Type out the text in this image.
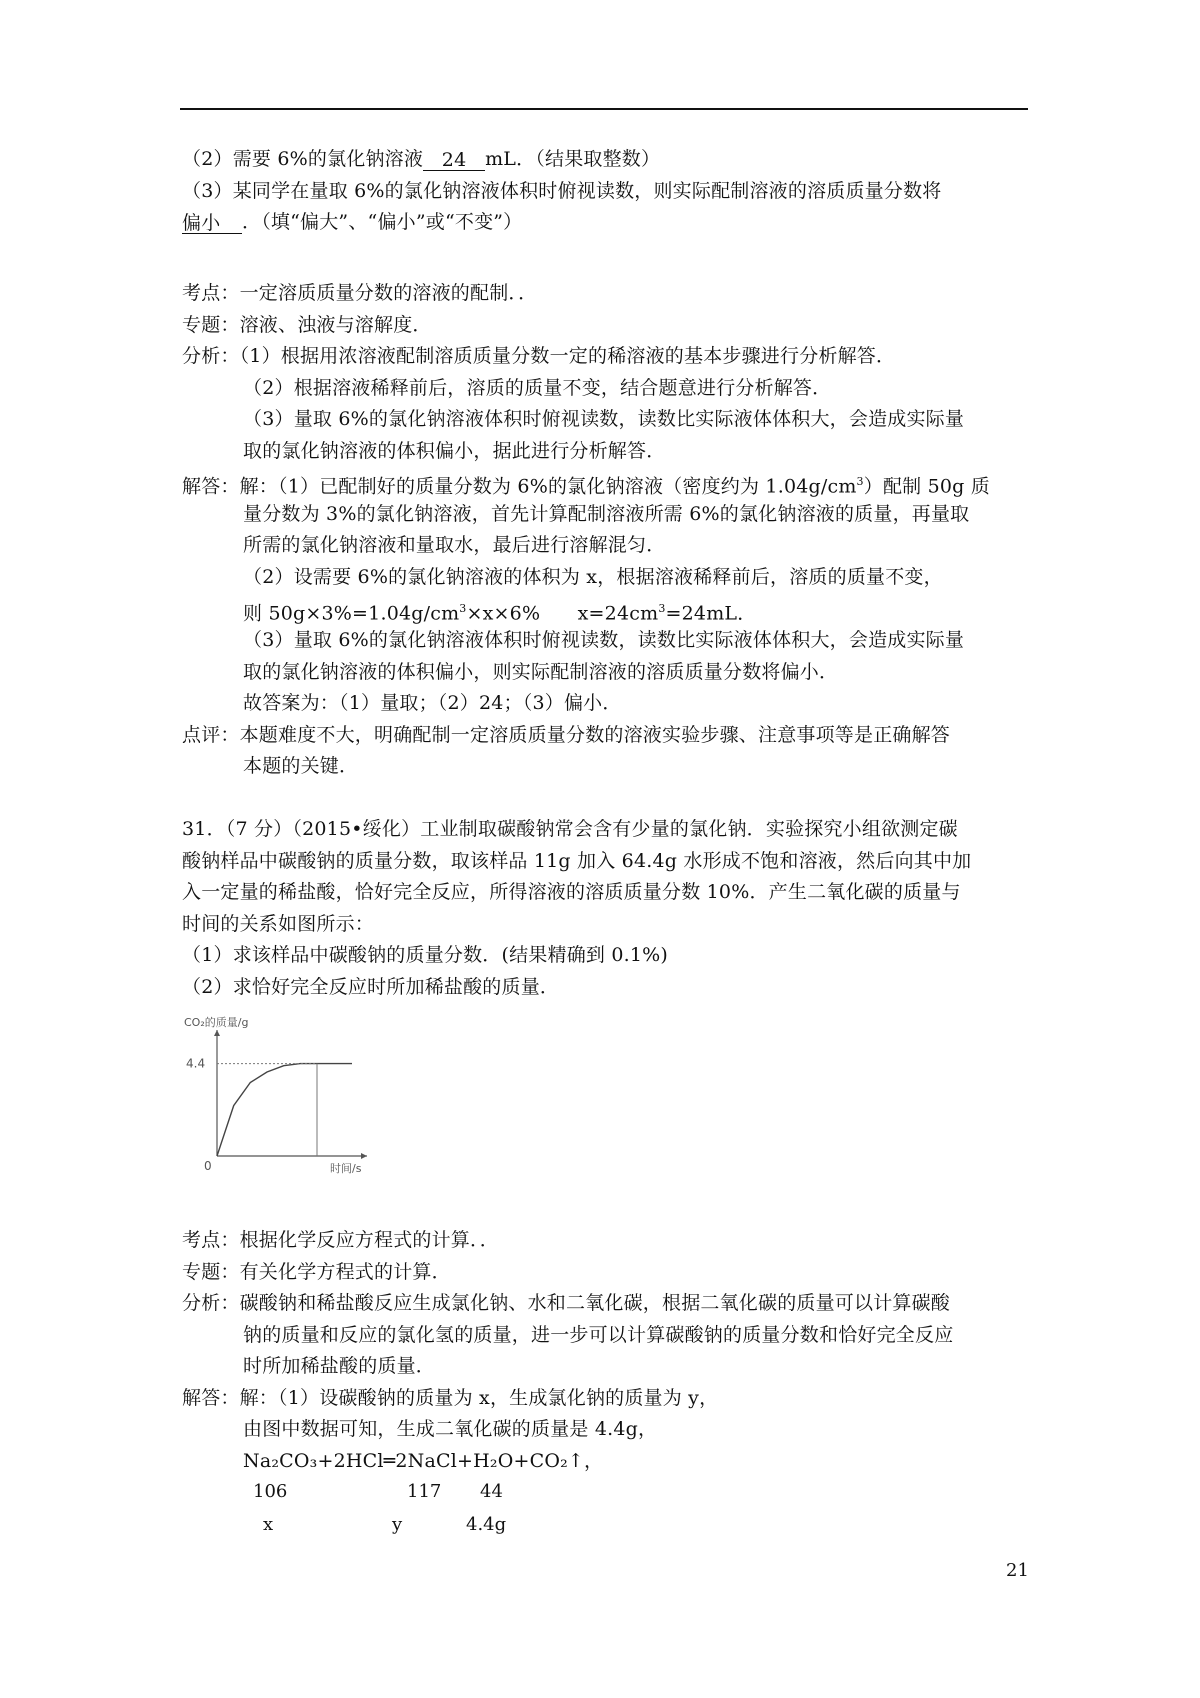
（2）需要 6%的氯化钠溶液 24 mL．（结果取整数）
（3）某同学在量取 6%的氯化钠溶液体积时俯视读数，则实际配制溶液的溶质质量分数将
偏小 ．（填“偏大”、“偏小”或“不变”）
考点：一定溶质质量分数的溶液的配制．．
专题：溶液、浊液与溶解度．
分析：（1）根据用浓溶液配制溶质质量分数一定的稀溶液的基本步骤进行分析解答．
（2）根据溶液稀释前后，溶质的质量不变，结合题意进行分析解答．
（3）量取 6%的氯化钠溶液体积时俯视读数，读数比实际液体体积大，会造成实际量
取的氯化钠溶液的体积偏小，据此进行分析解答．
解答：解：（1）已配制好的质量分数为 6%的氯化钠溶液（密度约为 $1.04g/cm^3$）配制 50g 质
量分数为 3%的氯化钠溶液，首先计算配制溶液所需 6%的氯化钠溶液的质量，再量取
所需的氯化钠溶液和量取水，最后进行溶解混匀．
（2）设需要 6%的氯化钠溶液的体积为 x，根据溶液稀释前后，溶质的质量不变，
则 $50g\times 3\%=1.04g/cm^3\times x\times 6\%$      $x=24cm^3=24mL$．
（3）量取 6%的氯化钠溶液体积时俯视读数，读数比实际液体体积大，会造成实际量
取的氯化钠溶液的体积偏小，则实际配制溶液的溶质质量分数将偏小．
故答案为：（1）量取；（2）24；（3）偏小．
点评：本题难度不大，明确配制一定溶质质量分数的溶液实验步骤、注意事项等是正确解答
本题的关键．
31．（7 分）（2015•绥化）工业制取碳酸钠常会含有少量的氯化钠．实验探究小组欲测定碳
酸钠样品中碳酸钠的质量分数，取该样品 11g 加入 64.4g 水形成不饱和溶液，然后向其中加
入一定量的稀盐酸，恰好完全反应，所得溶液的溶质质量分数 10%．产生二氧化碳的质量与
时间的关系如图所示：
（1）求该样品中碳酸钠的质量分数．(结果精确到 0.1%)
（2）求恰好完全反应时所加稀盐酸的质量．
CO₂的质量/g
4.4
0	时间/s
考点：根据化学反应方程式的计算．．
专题：有关化学方程式的计算．
分析：碳酸钠和稀盐酸反应生成氯化钠、水和二氧化碳，根据二氧化碳的质量可以计算碳酸
钠的质量和反应的氯化氢的质量，进一步可以计算碳酸钠的质量分数和恰好完全反应
时所加稀盐酸的质量．
解答：解：（1）设碳酸钠的质量为 x，生成氯化钠的质量为 y，
由图中数据可知，生成二氧化碳的质量是 4.4g，
Na₂CO₃+2HCl═2NaCl+H₂O+CO₂↑，
106	117 44
x	y	4.4g
21
